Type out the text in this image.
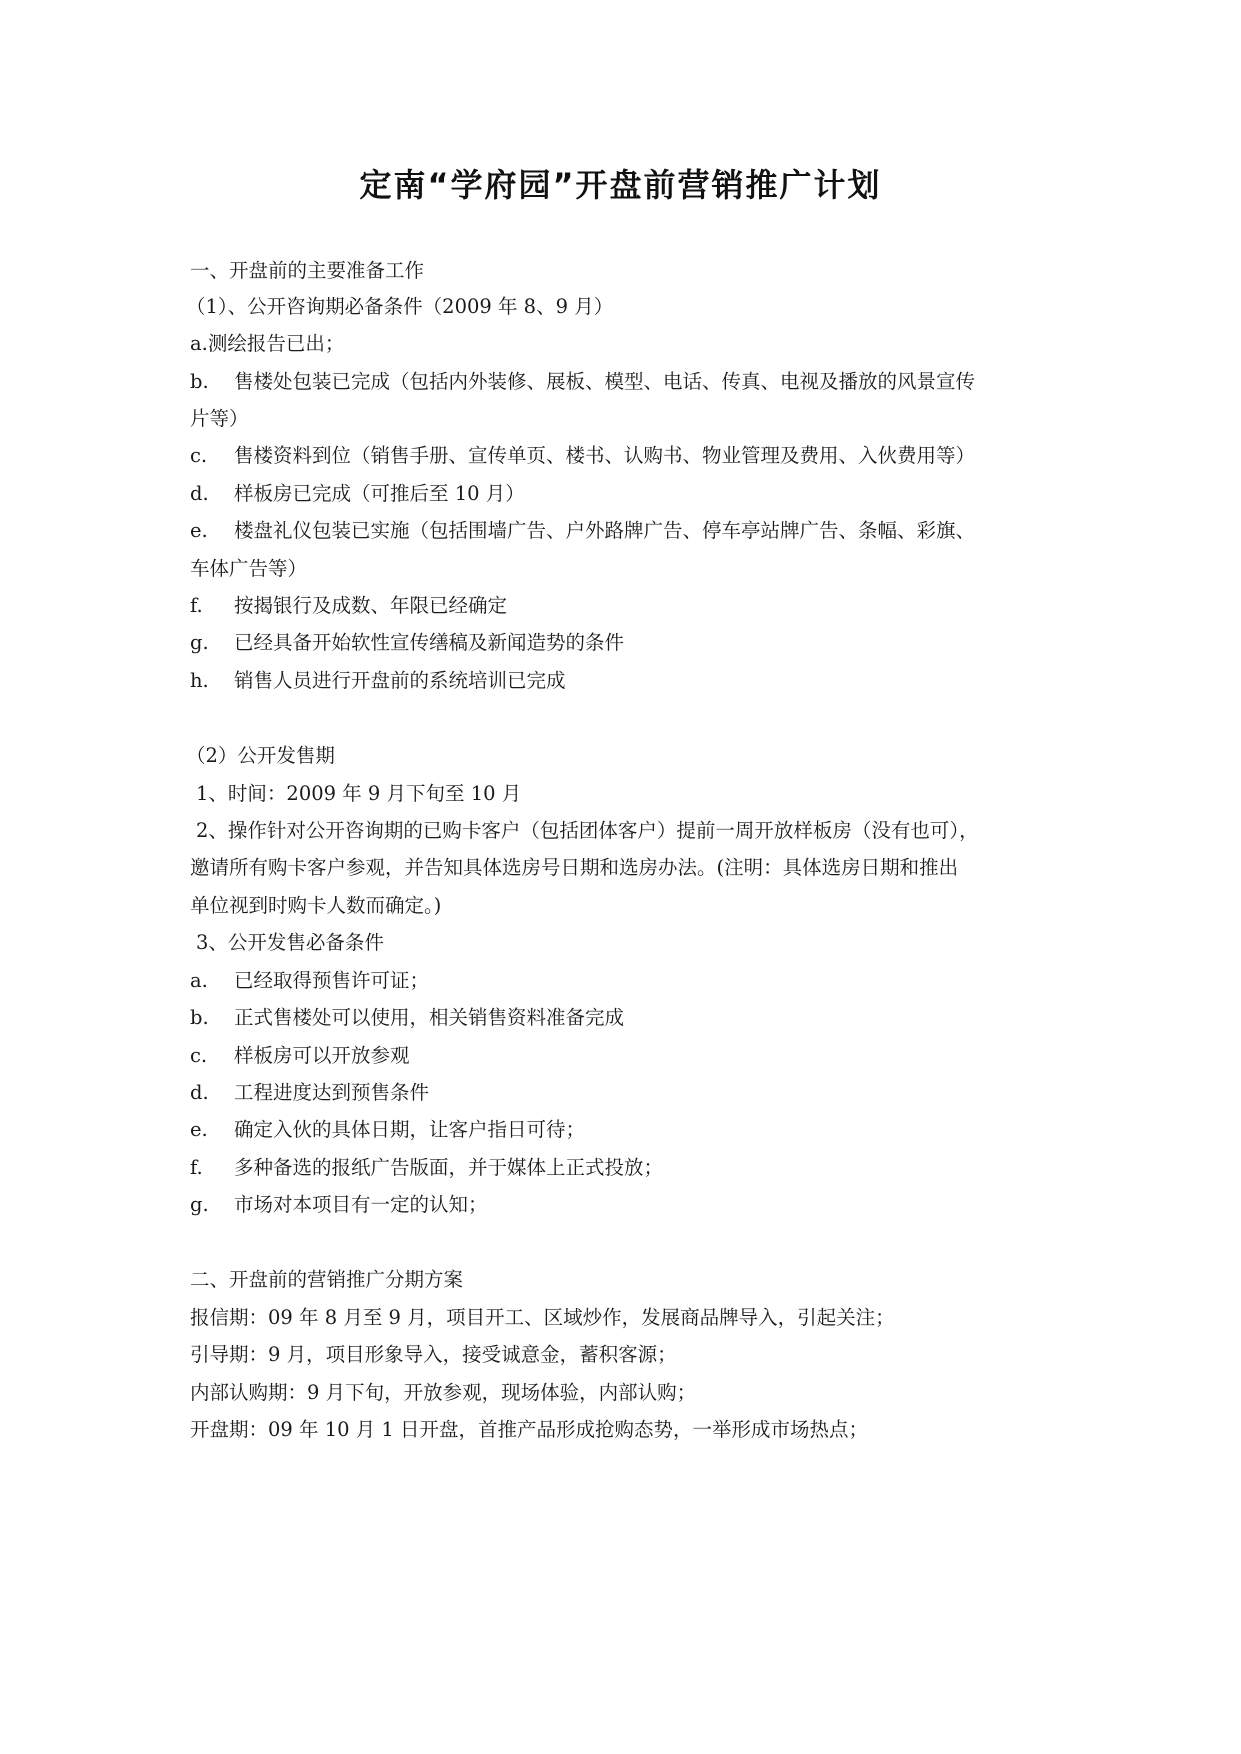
定南“学府园”开盘前营销推广计划
一、开盘前的主要准备工作
（1）、公开咨询期必备条件（2009 年 8、9 月）
a.测绘报告已出；
b.	售楼处包装已完成（包括内外装修、展板、模型、电话、传真、电视及播放的风景宣传
片等）
c.	售楼资料到位（销售手册、宣传单页、楼书、认购书、物业管理及费用、入伙费用等）
d.	样板房已完成（可推后至 10 月）
e.	楼盘礼仪包装已实施（包括围墙广告、户外路牌广告、停车亭站牌广告、条幅、彩旗、
车体广告等）
f.	按揭银行及成数、年限已经确定
g.	已经具备开始软性宣传缮稿及新闻造势的条件
h.	销售人员进行开盘前的系统培训已完成
（2）公开发售期
1、时间：2009 年 9 月下旬至 10 月
2、操作针对公开咨询期的已购卡客户（包括团体客户）提前一周开放样板房（没有也可），
邀请所有购卡客户参观，并告知具体选房号日期和选房办法。(注明：具体选房日期和推出
单位视到时购卡人数而确定。)
3、公开发售必备条件
a.	已经取得预售许可证；
b.	正式售楼处可以使用，相关销售资料准备完成
c.	样板房可以开放参观
d.	工程进度达到预售条件
e.	确定入伙的具体日期，让客户指日可待；
f.	多种备选的报纸广告版面，并于媒体上正式投放；
g.	市场对本项目有一定的认知；
二、开盘前的营销推广分期方案
报信期：09 年 8 月至 9 月，项目开工、区域炒作，发展商品牌导入，引起关注；
引导期：9 月，项目形象导入，接受诚意金，蓄积客源；
内部认购期：9 月下旬，开放参观，现场体验，内部认购；
开盘期：09 年 10 月 1 日开盘，首推产品形成抢购态势，一举形成市场热点；
